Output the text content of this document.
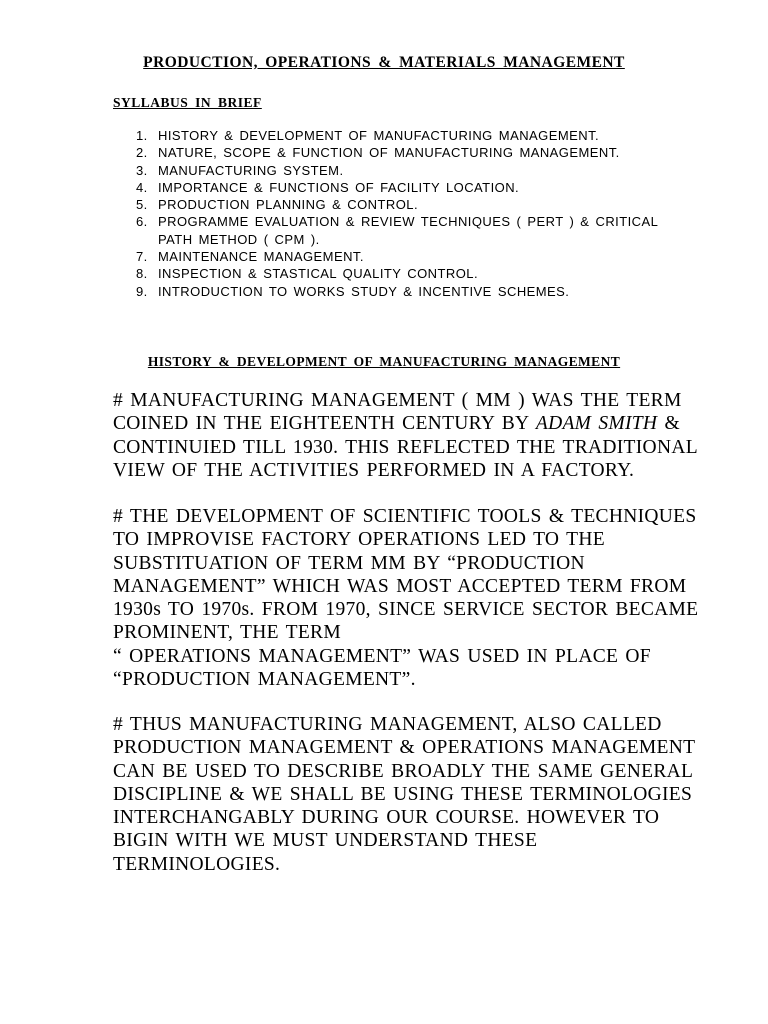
PRODUCTION, OPERATIONS & MATERIALS MANAGEMENT
SYLLABUS IN BRIEF
1. HISTORY & DEVELOPMENT OF MANUFACTURING MANAGEMENT.
2. NATURE, SCOPE & FUNCTION OF MANUFACTURING MANAGEMENT.
3. MANUFACTURING SYSTEM.
4. IMPORTANCE & FUNCTIONS OF FACILITY LOCATION.
5. PRODUCTION PLANNING & CONTROL.
6. PROGRAMME EVALUATION & REVIEW TECHNIQUES ( PERT ) & CRITICAL
PATH METHOD ( CPM ).
7. MAINTENANCE MANAGEMENT.
8. INSPECTION & STASTICAL QUALITY CONTROL.
9. INTRODUCTION TO WORKS STUDY & INCENTIVE SCHEMES.
HISTORY & DEVELOPMENT OF MANUFACTURING MANAGEMENT
# MANUFACTURING MANAGEMENT ( MM ) WAS THE TERM
COINED IN THE EIGHTEENTH CENTURY BY ADAM SMITH &
CONTINUIED TILL 1930. THIS REFLECTED THE TRADITIONAL
VIEW OF THE ACTIVITIES PERFORMED IN A FACTORY.
# THE DEVELOPMENT OF SCIENTIFIC TOOLS & TECHNIQUES
TO IMPROVISE FACTORY OPERATIONS LED TO THE
SUBSTITUATION OF TERM MM BY “PRODUCTION
MANAGEMENT” WHICH WAS MOST ACCEPTED TERM FROM
1930s TO 1970s. FROM 1970, SINCE SERVICE SECTOR BECAME
PROMINENT, THE TERM
“ OPERATIONS MANAGEMENT” WAS USED IN PLACE OF
“PRODUCTION MANAGEMENT”.
# THUS MANUFACTURING MANAGEMENT, ALSO CALLED
PRODUCTION MANAGEMENT & OPERATIONS MANAGEMENT
CAN BE USED TO DESCRIBE BROADLY THE SAME GENERAL
DISCIPLINE & WE SHALL BE USING THESE TERMINOLOGIES
INTERCHANGABLY DURING OUR COURSE. HOWEVER TO
BIGIN WITH WE MUST UNDERSTAND THESE
TERMINOLOGIES.
